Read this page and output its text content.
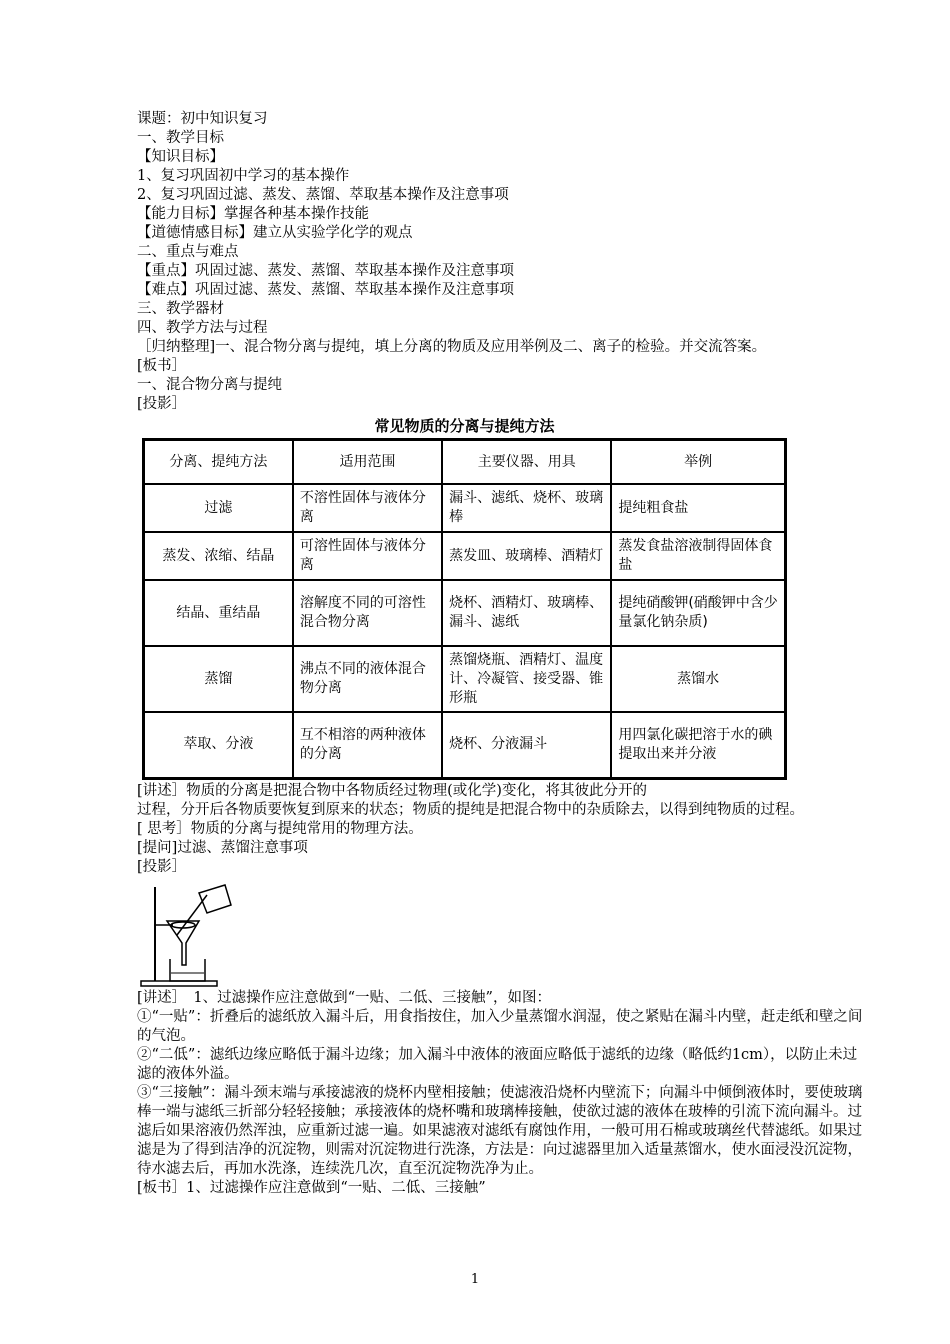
课题：初中知识复习
一、教学目标
【知识目标】
1、复习巩固初中学习的基本操作
2、复习巩固过滤、蒸发、蒸馏、萃取基本操作及注意事项
【能力目标】掌握各种基本操作技能
【道德情感目标】建立从实验学化学的观点
二、重点与难点
【重点】巩固过滤、蒸发、蒸馏、萃取基本操作及注意事项
【难点】巩固过滤、蒸发、蒸馏、萃取基本操作及注意事项
三、教学器材
四、教学方法与过程
［归纳整理]一、混合物分离与提纯，填上分离的物质及应用举例及二、离子的检验。并交流答案。
[板书］
一、混合物分离与提纯
[投影］
常见物质的分离与提纯方法
分离、提纯方法	适用范围	主要仪器、用具	举例
过滤	不溶性固体与液体分离	漏斗、滤纸、烧杯、玻璃棒	提纯粗食盐
蒸发、浓缩、结晶	可溶性固体与液体分离	蒸发皿、玻璃棒、酒精灯	蒸发食盐溶液制得固体食盐
结晶、重结晶	溶解度不同的可溶性混合物分离	烧杯、酒精灯、玻璃棒、漏斗、滤纸	提纯硝酸钾(硝酸钾中含少量氯化钠杂质)
蒸馏	沸点不同的液体混合物分离	蒸馏烧瓶、酒精灯、温度计、冷凝管、接受器、锥形瓶	蒸馏水
萃取、分液	互不相溶的两种液体的分离	烧杯、分液漏斗	用四氯化碳把溶于水的碘提取出来并分液
[讲述］物质的分离是把混合物中各物质经过物理(或化学)变化，将其彼此分开的
过程，分开后各物质要恢复到原来的状态；物质的提纯是把混合物中的杂质除去，以得到纯物质的过程。
[ 思考］物质的分离与提纯常用的物理方法。
[提问]过滤、蒸馏注意事项
[投影］
[讲述］　1、过滤操作应注意做到“一贴、二低、三接触”，如图：
①“一贴”：折叠后的滤纸放入漏斗后，用食指按住，加入少量蒸馏水润湿，使之紧贴在漏斗内壁，赶走纸和壁之间的气泡。
②“二低”：滤纸边缘应略低于漏斗边缘；加入漏斗中液体的液面应略低于滤纸的边缘（略低约1cm），以防止未过滤的液体外溢。
③“三接触”：漏斗颈末端与承接滤液的烧杯内壁相接触；使滤液沿烧杯内壁流下；向漏斗中倾倒液体时，要使玻璃棒一端与滤纸三折部分轻轻接触；承接液体的烧杯嘴和玻璃棒接触，使欲过滤的液体在玻棒的引流下流向漏斗。过滤后如果溶液仍然浑浊，应重新过滤一遍。如果滤液对滤纸有腐蚀作用，一般可用石棉或玻璃丝代替滤纸。如果过滤是为了得到洁净的沉淀物，则需对沉淀物进行洗涤，方法是：向过滤器里加入适量蒸馏水，使水面浸没沉淀物，待水滤去后，再加水洗涤，连续洗几次，直至沉淀物洗净为止。
[板书］1、过滤操作应注意做到“一贴、二低、三接触”
1
